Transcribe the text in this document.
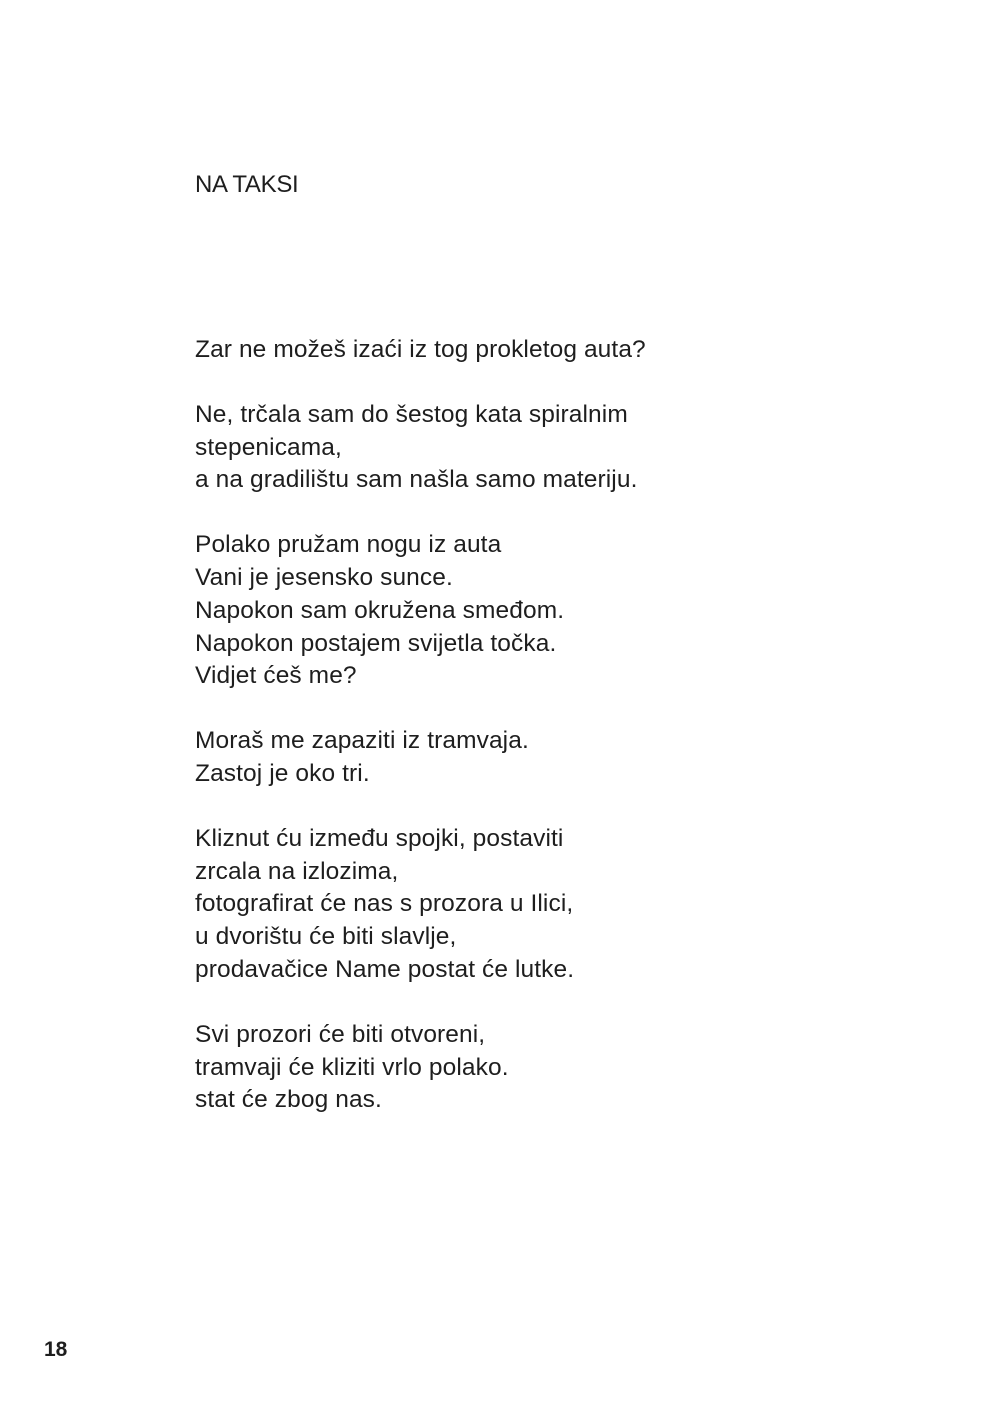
NA TAKSI
Zar ne možeš izaći iz tog prokletog auta?
Ne, trčala sam do šestog kata spiralnim
stepenicama,
a na gradilištu sam našla samo materiju.
Polako pružam nogu iz auta
Vani je jesensko sunce.
Napokon sam okružena smeđom.
Napokon postajem svijetla točka.
Vidjet ćeš me?
Moraš me zapaziti iz tramvaja.
Zastoj je oko tri.
Kliznut ću između spojki, postaviti
zrcala na izlozima,
fotografirat će nas s prozora u Ilici,
u dvorištu će biti slavlje,
prodavačice Name postat će lutke.
Svi prozori će biti otvoreni,
tramvaji će kliziti vrlo polako.
stat će zbog nas.
18
